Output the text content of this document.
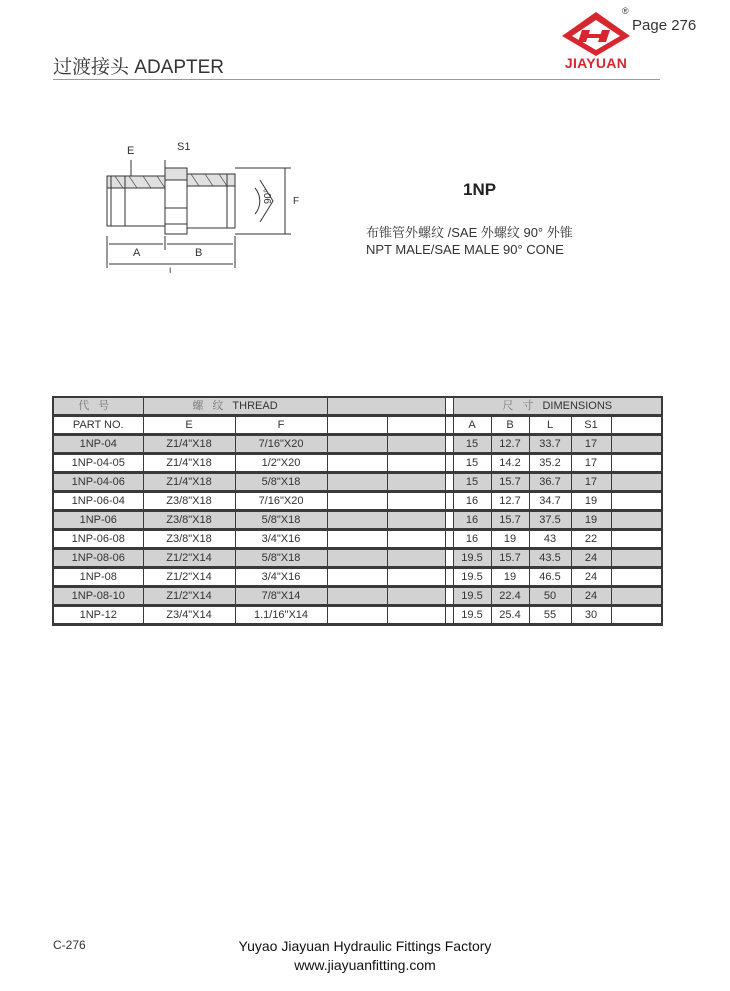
过渡接头 ADAPTER
Page 276
®
JIAYUAN
E	S1
A	B
L
F
90°	1NP
布锥管外螺纹 /SAE 外螺纹 90° 外锥
NPT MALE/SAE MALE 90° CONE
代 号	螺 纹 THREAD					尺 寸 DIMENSIONS				
PART NO.	E	F				A	B	L	S1	
1NP-04	Z1/4"X18	7/16"X20				15	12.7	33.7	17	
1NP-04-05	Z1/4"X18	1/2"X20				15	14.2	35.2	17	
1NP-04-06	Z1/4"X18	5/8"X18				15	15.7	36.7	17	
1NP-06-04	Z3/8"X18	7/16"X20				16	12.7	34.7	19	
1NP-06	Z3/8"X18	5/8"X18				16	15.7	37.5	19	
1NP-06-08	Z3/8"X18	3/4"X16				16	19	43	22	
1NP-08-06	Z1/2"X14	5/8"X18				19.5	15.7	43.5	24	
1NP-08	Z1/2"X14	3/4"X16				19.5	19	46.5	24	
1NP-08-10	Z1/2"X14	7/8"X14				19.5	22.4	50	24	
1NP-12	Z3/4"X14	1.1/16"X14				19.5	25.4	55	30	
C-276	Yuyao Jiayuan Hydraulic Fittings Factory
www.jiayuanfitting.com
